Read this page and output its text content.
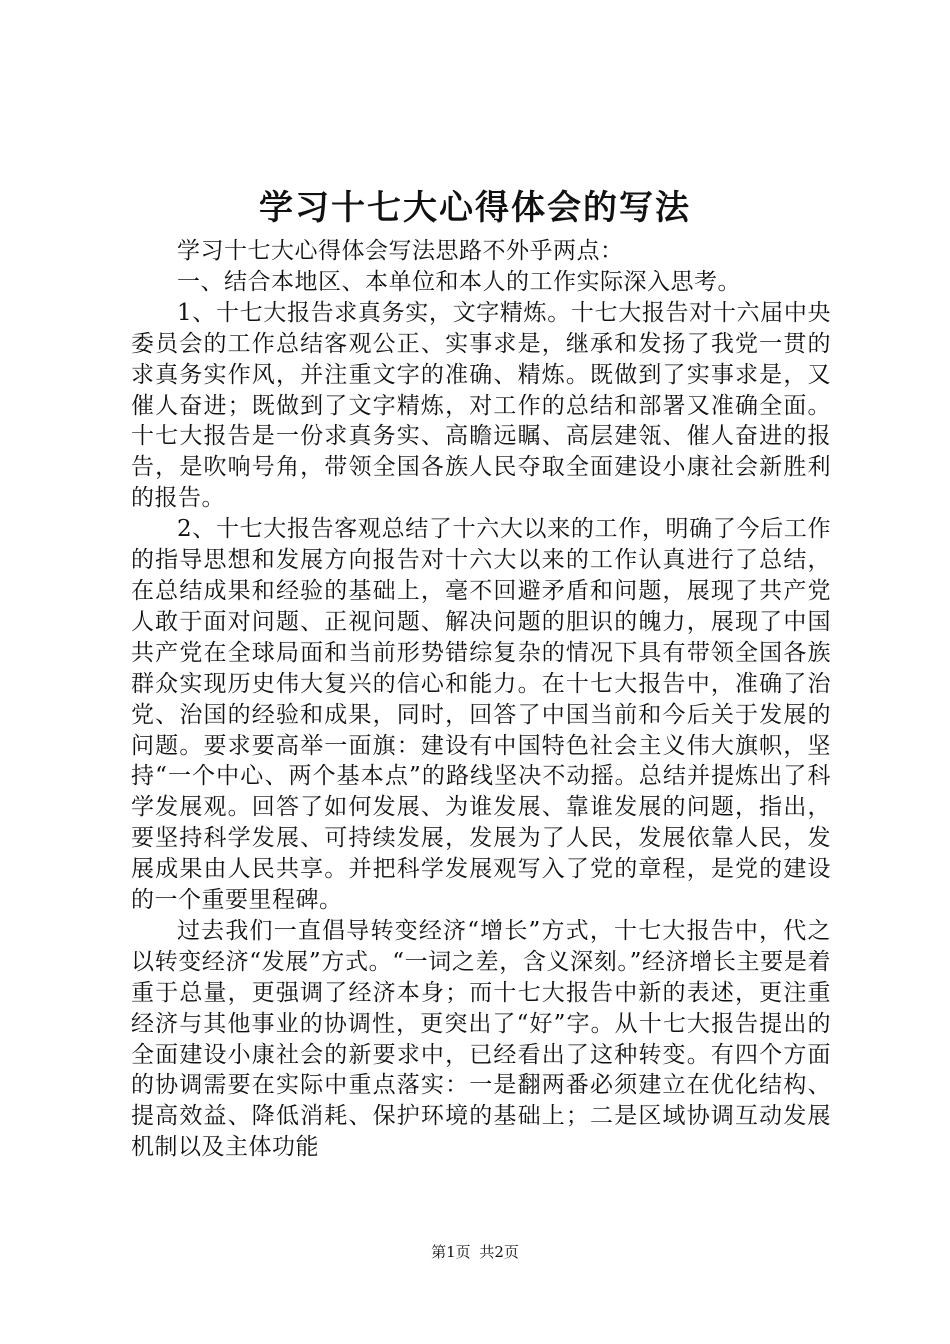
学习十七大心得体会的写法

学习十七大心得体会写法思路不外乎两点：

一、结合本地区、本单位和本人的工作实际深入思考。

1、十七大报告求真务实，文字精炼。十七大报告对十六届中央委员会的工作总结客观公正、实事求是，继承和发扬了我党一贯的求真务实作风，并注重文字的准确、精炼。既做到了实事求是，又催人奋进；既做到了文字精炼，对工作的总结和部署又准确全面。十七大报告是一份求真务实、高瞻远瞩、高层建瓴、催人奋进的报告，是吹响号角，带领全国各族人民夺取全面建设小康社会新胜利的报告。

2、十七大报告客观总结了十六大以来的工作，明确了今后工作的指导思想和发展方向报告对十六大以来的工作认真进行了总结，在总结成果和经验的基础上，毫不回避矛盾和问题，展现了共产党人敢于面对问题、正视问题、解决问题的胆识的魄力，展现了中国共产党在全球局面和当前形势错综复杂的情况下具有带领全国各族群众实现历史伟大复兴的信心和能力。在十七大报告中，准确了治党、治国的经验和成果，同时，回答了中国当前和今后关于发展的问题。要求要高举一面旗：建设有中国特色社会主义伟大旗帜，坚持“一个中心、两个基本点”的路线坚决不动摇。总结并提炼出了科学发展观。回答了如何发展、为谁发展、靠谁发展的问题，指出，要坚持科学发展、可持续发展，发展为了人民，发展依靠人民，发展成果由人民共享。并把科学发展观写入了党的章程，是党的建设的一个重要里程碑。

过去我们一直倡导转变经济“增长”方式，十七大报告中，代之以转变经济“发展”方式。“一词之差，含义深刻。”经济增长主要是着重于总量，更强调了经济本身；而十七大报告中新的表述，更注重经济与其他事业的协调性，更突出了“好”字。从十七大报告提出的全面建设小康社会的新要求中，已经看出了这种转变。有四个方面的协调需要在实际中重点落实：一是翻两番必须建立在优化结构、提高效益、降低消耗、保护环境的基础上；二是区域协调互动发展机制以及主体功能

第1页 共2页
